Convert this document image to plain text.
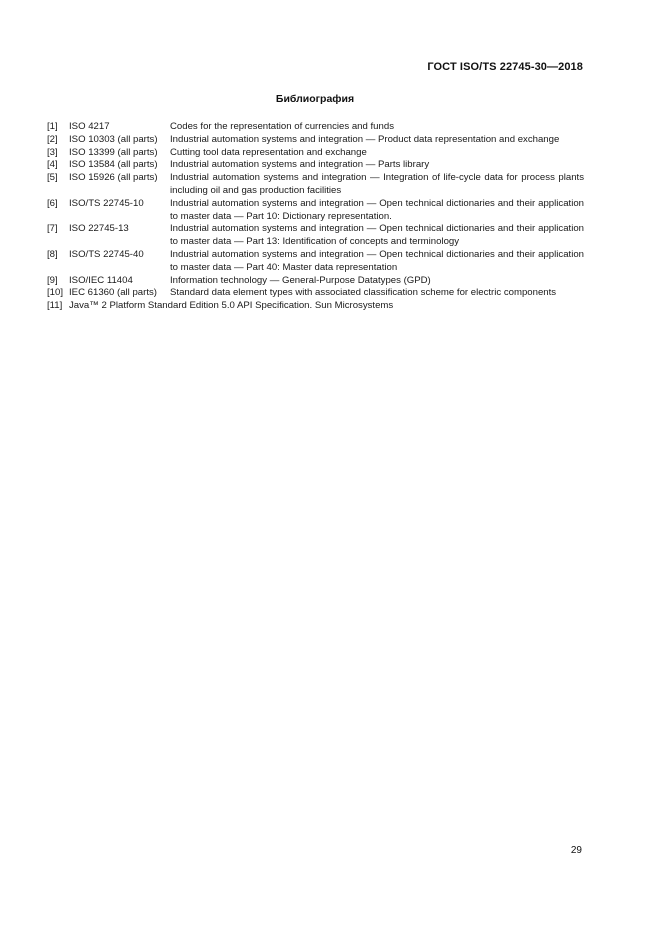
ГОСТ ISO/TS 22745-30—2018
Библиография
[1]	ISO 4217	Codes for the representation of currencies and funds
[2]	ISO 10303 (all parts)	Industrial automation systems and integration — Product data representation and exchange
[3]	ISO 13399 (all parts)	Cutting tool data representation and exchange
[4]	ISO 13584 (all parts)	Industrial automation systems and integration — Parts library
[5]	ISO 15926 (all parts)	Industrial automation systems and integration — Integration of life-cycle data for process plants including oil and gas production facilities
[6]	ISO/TS 22745-10	Industrial automation systems and integration — Open technical dictionaries and their application to master data — Part 10: Dictionary representation.
[7]	ISO 22745-13	Industrial automation systems and integration — Open technical dictionaries and their application to master data — Part 13: Identification of concepts and terminology
[8]	ISO/TS 22745-40	Industrial automation systems and integration — Open technical dictionaries and their application to master data — Part 40: Master data representation
[9]	ISO/IEC 11404	Information technology — General-Purpose Datatypes (GPD)
[10] IEC 61360 (all parts)	Standard data element types with associated classification scheme for electric components
[11] Java™ 2 Platform Standard Edition 5.0 API Specification. Sun Microsystems
29
